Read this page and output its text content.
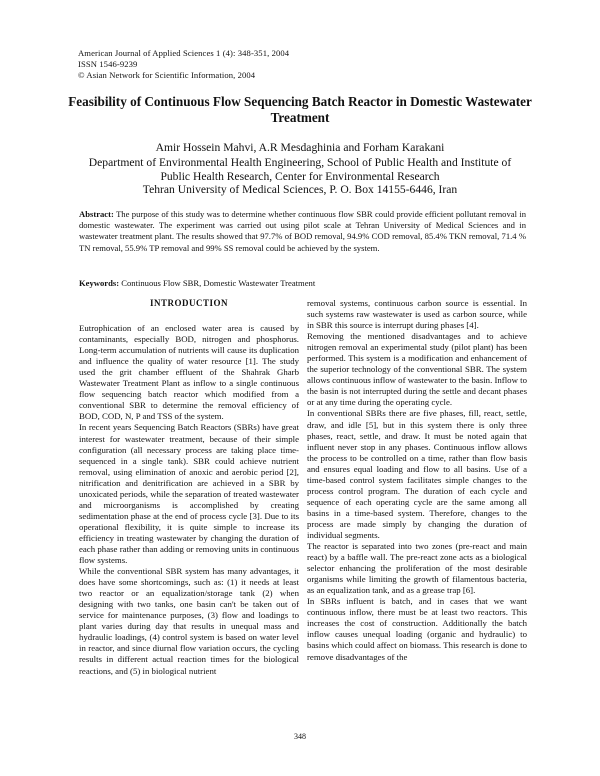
American Journal of Applied Sciences 1 (4): 348-351, 2004
ISSN 1546-9239
© Asian Network for Scientific Information, 2004
Feasibility of Continuous Flow Sequencing Batch Reactor in Domestic Wastewater Treatment
Amir Hossein Mahvi, A.R Mesdaghinia and Forham Karakani
Department of Environmental Health Engineering, School of Public Health and Institute of
Public Health Research, Center for Environmental Research
Tehran University of Medical Sciences, P. O. Box 14155-6446, Iran
Abstract: The purpose of this study was to determine whether continuous flow SBR could provide efficient pollutant removal in domestic wastewater. The experiment was carried out using pilot scale at Tehran University of Medical Sciences and in wastewater treatment plant. The results showed that 97.7% of BOD removal, 94.9% COD removal, 85.4% TKN removal, 71.4 % TN removal, 55.9% TP removal and 99% SS removal could be achieved by the system.
Keywords: Continuous Flow SBR, Domestic Wastewater Treatment
INTRODUCTION

Eutrophication of an enclosed water area is caused by contaminants, especially BOD, nitrogen and phosphorus. Long-term accumulation of nutrients will cause its duplication and influence the quality of water resource [1]. The study used the grit chamber effluent of the Shahrak Gharb Wastewater Treatment Plant as inflow to a single continuous flow sequencing batch reactor which modified from a conventional SBR to determine the removal efficiency of BOD, COD, N, P and TSS of the system.

In recent years Sequencing Batch Reactors (SBRs) have great interest for wastewater treatment, because of their simple configuration (all necessary process are taking place time-sequenced in a single tank). SBR could achieve nutrient removal, using elimination of anoxic and aerobic period [2], nitrification and denitrification are achieved in a SBR by unoxicated periods, while the separation of treated wastewater and microorganisms is accomplished by creating sedimentation phase at the end of process cycle [3]. Due to its operational flexibility, it is quite simple to increase its efficiency in treating wastewater by changing the duration of each phase rather than adding or removing units in continuous flow systems.

While the conventional SBR system has many advantages, it does have some shortcomings, such as: (1) it needs at least two reactor or an equalization/storage tank (2) when designing with two tanks, one basin can't be taken out of service for maintenance purposes, (3) flow and loadings to plant varies during day that results in unequal mass and hydraulic loadings, (4) control system is based on water level in reactor, and since diurnal flow variation occurs, the cycling results in different actual reaction times for the biological reactions, and (5) in biological nutrient

removal systems, continuous carbon source is essential. In such systems raw wastewater is used as carbon source, while in SBR this source is interrupt during phases [4].

Removing the mentioned disadvantages and to achieve nitrogen removal an experimental study (pilot plant) has been performed. This system is a modification and enhancement of the superior technology of the conventional SBR. The system allows continuous inflow of wastewater to the basin. Inflow to the basin is not interrupted during the settle and decant phases or at any time during the operating cycle.

In conventional SBRs there are five phases, fill, react, settle, draw, and idle [5], but in this system there is only three phases, react, settle, and draw. It must be noted again that influent never stop in any phases. Continuous inflow allows the process to be controlled on a time, rather than flow basis and ensures equal loading and flow to all basins. Use of a time-based control system facilitates simple changes to the process control program. The duration of each cycle and sequence of each operating cycle are the same among all basins in a time-based system. Therefore, changes to the process are made simply by changing the duration of individual segments.

The reactor is separated into two zones (pre-react and main react) by a baffle wall. The pre-react zone acts as a biological selector enhancing the proliferation of the most desirable organisms while limiting the growth of filamentous bacteria, as an equalization tank, and as a grease trap [6].

In SBRs influent is batch, and in cases that we want continuous inflow, there must be at least two reactors. This increases the cost of construction. Additionally the batch inflow causes unequal loading (organic and hydraulic) to basins which could affect on biomass. This research is done to remove disadvantages of the

348
